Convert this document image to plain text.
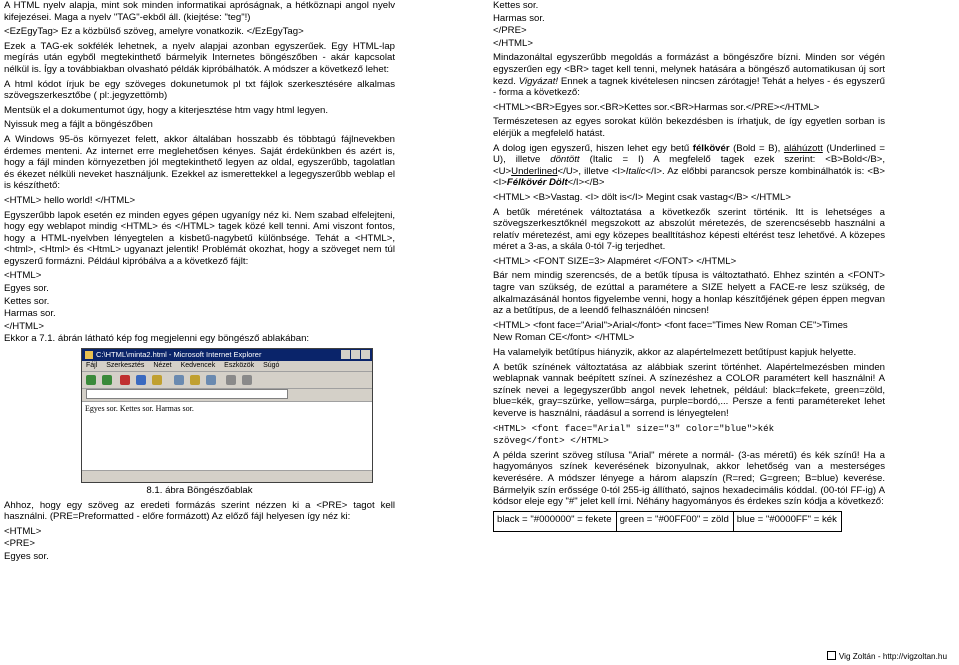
A HTML nyelv alapja, mint sok minden informatikai apróságnak, a hétköznapi angol nyelv kifejezései. Maga a nyelv "TAG"-ekből áll. (kiejtése: "teg"!)

<EzEgyTag> Ez a közbülső szöveg, amelyre vonatkozik. </EzEgyTag>

Ezek a TAG-ek sokfélék lehetnek, a nyelv alapjai azonban egyszerűek. Egy HTML-lap megírás után egyből megtekinthető bármelyik Internetes böngészőben - akár kapcsolat nélkül is. Így a továbbiakban olvasható példák kipróbálhatók. A módszer a következő lehet:

A html kódot írjuk be egy szöveges dokunetumok pl txt fájlok szerkesztésére alkalmas szövegszerkesztőbe ( pl:.jegyzettömb)

Mentsük el a dokumentumot úgy, hogy a kiterjesztése htm vagy html legyen.
Nyissuk meg a fájlt a böngészőben

A Windows 95-ös környezet felett, akkor általában hosszabb és többtagú fájlnevekben érdemes menteni. Az internet erre meglehetősen kényes. Saját érdekünkben és azért is, hogy a fájl minden környezetben jól megtekinthető legyen az oldal, egyszerűbb, tagolatlan és ékezet nélküli neveket használjunk. Ezekkel az ismerettekkel a legegyszerűbb weblap el is készíthető:

<HTML> hello world! </HTML>

Egyszerűbb lapok esetén ez minden egyes gépen ugyanígy néz ki. Nem szabad elfelejteni, hogy egy weblapot mindig <HTML> és </HTML> tagek közé kell tenni. Ami viszont fontos, hogy a HTML-nyelvben lényegtelen a kisbetű-nagybetű különbsége. Tehát a <HTML>, <html>, <Html> és <HtmL> ugyanazt jelentik! Problémát okozhat, hogy a szöveget nem túl egyszerű formázni. Például kipróbálva a a következő fájlt:

<HTML>
Egyes sor.
Kettes sor.
Harmas sor.
</HTML>
Ekkor a 7.1. ábrán látható kép fog megjelenni egy böngésző ablakában:
C:\HTML\minta2.html - Microsoft Internet Explorer
Fájl Szerkesztés Nézet Kedvencek Eszközök Súgó
Egyes sor. Kettes sor. Harmas sor.
8.1. ábra Böngészőablak

Ahhoz, hogy egy szöveg az eredeti formázás szerint nézzen ki a <PRE> tagot kell használni. (PRE=Preformatted - előre formázott) Az előző fájl helyesen így néz ki:

<HTML>
<PRE>
Egyes sor.
Kettes sor.
Harmas sor.
</PRE>
</HTML>

Mindazonáltal egyszerűbb megoldás a formázást a böngészőre bízni. Minden sor végén egyszerűen egy <BR> taget kell tenni, melynek hatására a böngésző automatikusan új sort kezd. Vigyázat! Ennek a tagnek kivételesen nincsen zárótagje! Tehát a helyes - és egyszerű - forma a következő:

<HTML><BR>Egyes sor.<BR>Kettes sor.<BR>Harmas sor.</PRE></HTML>

Természetesen az egyes sorokat külön bekezdésben is írhatjuk, de így egyetlen sorban is elérjük a megfelelő hatást.

A dolog igen egyszerű, hiszen lehet egy betű félkövér (Bold = B), aláhúzott (Underlined = U), illetve döntött (Italic = I) A megfelelő tagek ezek szerint: <B>Bold</B>,<U>Underlined</U>, illetve <I>Italic</I>. Az előbbi parancsok persze kombinálhatók is: <B><I>Félkövér Dölt</I></B>

<HTML> <B>Vastag. <I> dölt is</I> Megint csak vastag</B> </HTML>

A betűk méretének változtatása a következők szerint történik. Itt is lehetséges a szövegszerkesztőknél megszokott az abszolút méretezés, de szerencsésebb használni a relatív méretezést, ami egy közepes bealltításhoz képesti eltérést tesz lehetővé. A közepes méret a 3-as, a skála 0-tól 7-ig terjedhet.

<HTML> <FONT SIZE=3> Alapméret </FONT> </HTML>

Bár nem mindig szerencsés, de a betűk típusa is változtatható. Ehhez szintén a <FONT> tagre van szükség, de ezúttal a paramétere a SIZE helyett a FACE-re lesz szükség, de alkalmazásánál hontos figyelembe venni, hogy a honlap készítőjének gépen éppen megvan az a betűtípus, de a leendő felhasználóén nincsen!

<HTML> <font face="Arial">Arial</font> <font face="Times New Roman CE">Times
New Roman CE</font> </HTML>

Ha valamelyik betűtípus hiányzik, akkor az alapértelmezett betűtípust kapjuk helyette.

A betűk színének változtatása az alábbiak szerint történhet. Alapértelmezésben minden weblapnak vannak beépített színei. A színezéshez a COLOR paramétert kell használni! A színek nevei a legegyszerűbb angol nevek lehetnek, például: black=fekete, green=zöld, blue=kék, gray=szürke, yellow=sárga, purple=bordó,... Persze a fenti paramétereket lehet keverve is használni, ráadásul a sorrend is lényegtelen!

<HTML> <font face="Arial" size="3" color="blue">kék
szöveg</font> </HTML>

A példa szerint szöveg stílusa "Arial" mérete a normál- (3-as méretű) és kék színű! Ha a hagyományos színek keverésének bizonyulnak, akkor lehetőség van a mesterséges keverésére. A módszer lényege a három alapszín (R=red; G=green; B=blue) keverése. Bármelyik szín erőssége 0-tól 255-ig állítható, sajnos hexadecimális kóddal. (00-tól FF-ig) A kódsor eleje egy "#" jelet kell írni. Néhány hagyományos és érdekes szín kódja a következő:

black = "#000000" = fekete	green = "#00FF00" = zöld	blue = "#0000FF" = kék
Vig Zoltán - http://vigzoltan.hu
